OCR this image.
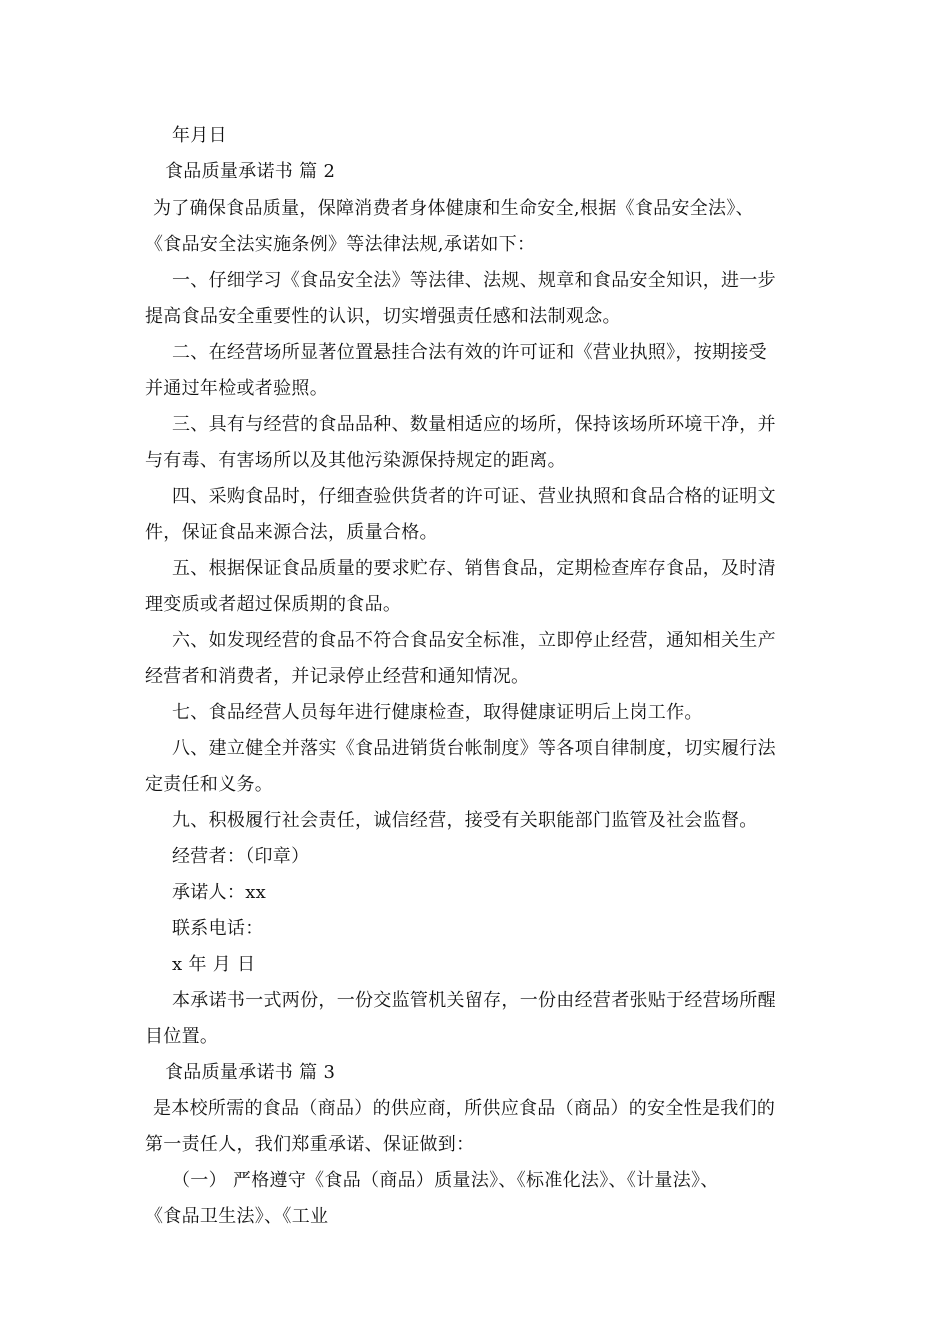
年月日
食品质量承诺书 篇 2
为了确保食品质量，保障消费者身体健康和生命安全,根据《食品安全法》、
《食品安全法实施条例》等法律法规,承诺如下：
一、仔细学习《食品安全法》等法律、法规、规章和食品安全知识，进一步
提高食品安全重要性的认识，切实增强责任感和法制观念。
二、在经营场所显著位置悬挂合法有效的许可证和《营业执照》，按期接受
并通过年检或者验照。
三、具有与经营的食品品种、数量相适应的场所，保持该场所环境干净，并
与有毒、有害场所以及其他污染源保持规定的距离。
四、采购食品时，仔细查验供货者的许可证、营业执照和食品合格的证明文
件，保证食品来源合法，质量合格。
五、根据保证食品质量的要求贮存、销售食品，定期检查库存食品，及时清
理变质或者超过保质期的食品。
六、如发现经营的食品不符合食品安全标准，立即停止经营，通知相关生产
经营者和消费者，并记录停止经营和通知情况。
七、食品经营人员每年进行健康检查，取得健康证明后上岗工作。
八、建立健全并落实《食品进销货台帐制度》等各项自律制度，切实履行法
定责任和义务。
九、积极履行社会责任，诚信经营，接受有关职能部门监管及社会监督。
经营者：（印章）
承诺人：xx
联系电话：
x 年 月 日
本承诺书一式两份，一份交监管机关留存，一份由经营者张贴于经营场所醒
目位置。
食品质量承诺书 篇 3
是本校所需的食品（商品）的供应商，所供应食品（商品）的安全性是我们的
第一责任人，我们郑重承诺、保证做到：
（一） 严格遵守《食品（商品）质量法》、《标准化法》、《计量法》、
《食品卫生法》、《工业
